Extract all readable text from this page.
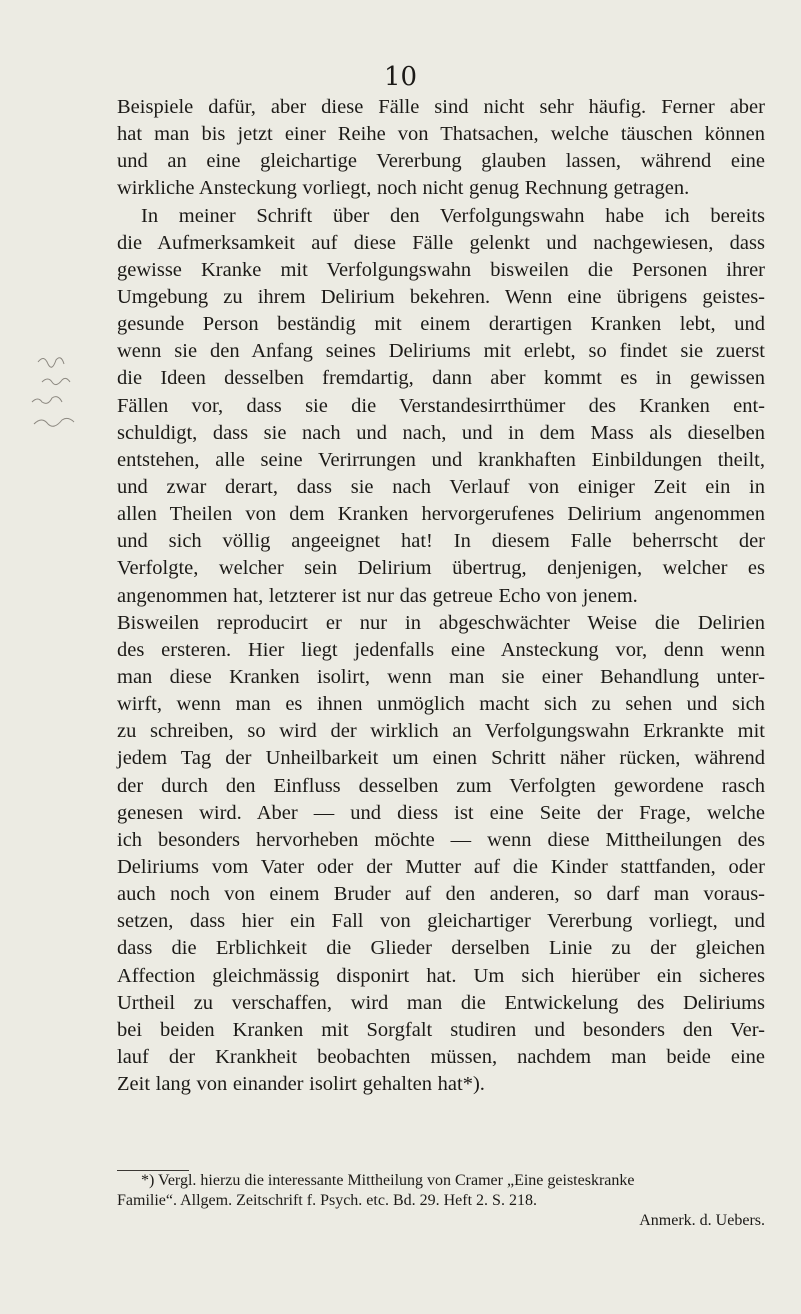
10
Beispiele dafür, aber diese Fälle sind nicht sehr häufig. Ferner aber
hat man bis jetzt einer Reihe von Thatsachen, welche täuschen können
und an eine gleichartige Vererbung glauben lassen, während eine
wirkliche Ansteckung vorliegt, noch nicht genug Rechnung getragen.
In meiner Schrift über den Verfolgungswahn habe ich bereits
die Aufmerksamkeit auf diese Fälle gelenkt und nachgewiesen, dass
gewisse Kranke mit Verfolgungswahn bisweilen die Personen ihrer
Umgebung zu ihrem Delirium bekehren. Wenn eine übrigens geistes-
gesunde Person beständig mit einem derartigen Kranken lebt, und
wenn sie den Anfang seines Deliriums mit erlebt, so findet sie zuerst
die Ideen desselben fremdartig, dann aber kommt es in gewissen
Fällen vor, dass sie die Verstandesirrthümer des Kranken ent-
schuldigt, dass sie nach und nach, und in dem Mass als dieselben
entstehen, alle seine Verirrungen und krankhaften Einbildungen theilt,
und zwar derart, dass sie nach Verlauf von einiger Zeit ein in
allen Theilen von dem Kranken hervorgerufenes Delirium angenommen
und sich völlig angeeignet hat! In diesem Falle beherrscht der
Verfolgte, welcher sein Delirium übertrug, denjenigen, welcher es
angenommen hat, letzterer ist nur das getreue Echo von jenem.
Bisweilen reproducirt er nur in abgeschwächter Weise die Delirien
des ersteren. Hier liegt jedenfalls eine Ansteckung vor, denn wenn
man diese Kranken isolirt, wenn man sie einer Behandlung unter-
wirft, wenn man es ihnen unmöglich macht sich zu sehen und sich
zu schreiben, so wird der wirklich an Verfolgungswahn Erkrankte mit
jedem Tag der Unheilbarkeit um einen Schritt näher rücken, während
der durch den Einfluss desselben zum Verfolgten gewordene rasch
genesen wird. Aber — und diess ist eine Seite der Frage, welche
ich besonders hervorheben möchte — wenn diese Mittheilungen des
Deliriums vom Vater oder der Mutter auf die Kinder stattfanden, oder
auch noch von einem Bruder auf den anderen, so darf man voraus-
setzen, dass hier ein Fall von gleichartiger Vererbung vorliegt, und
dass die Erblichkeit die Glieder derselben Linie zu der gleichen
Affection gleichmässig disponirt hat. Um sich hierüber ein sicheres
Urtheil zu verschaffen, wird man die Entwickelung des Deliriums
bei beiden Kranken mit Sorgfalt studiren und besonders den Ver-
lauf der Krankheit beobachten müssen, nachdem man beide eine
Zeit lang von einander isolirt gehalten hat*).
*) Vergl. hierzu die interessante Mittheilung von Cramer „Eine geisteskranke
Familie“. Allgem. Zeitschrift f. Psych. etc. Bd. 29. Heft 2. S. 218.
Anmerk. d. Uebers.
